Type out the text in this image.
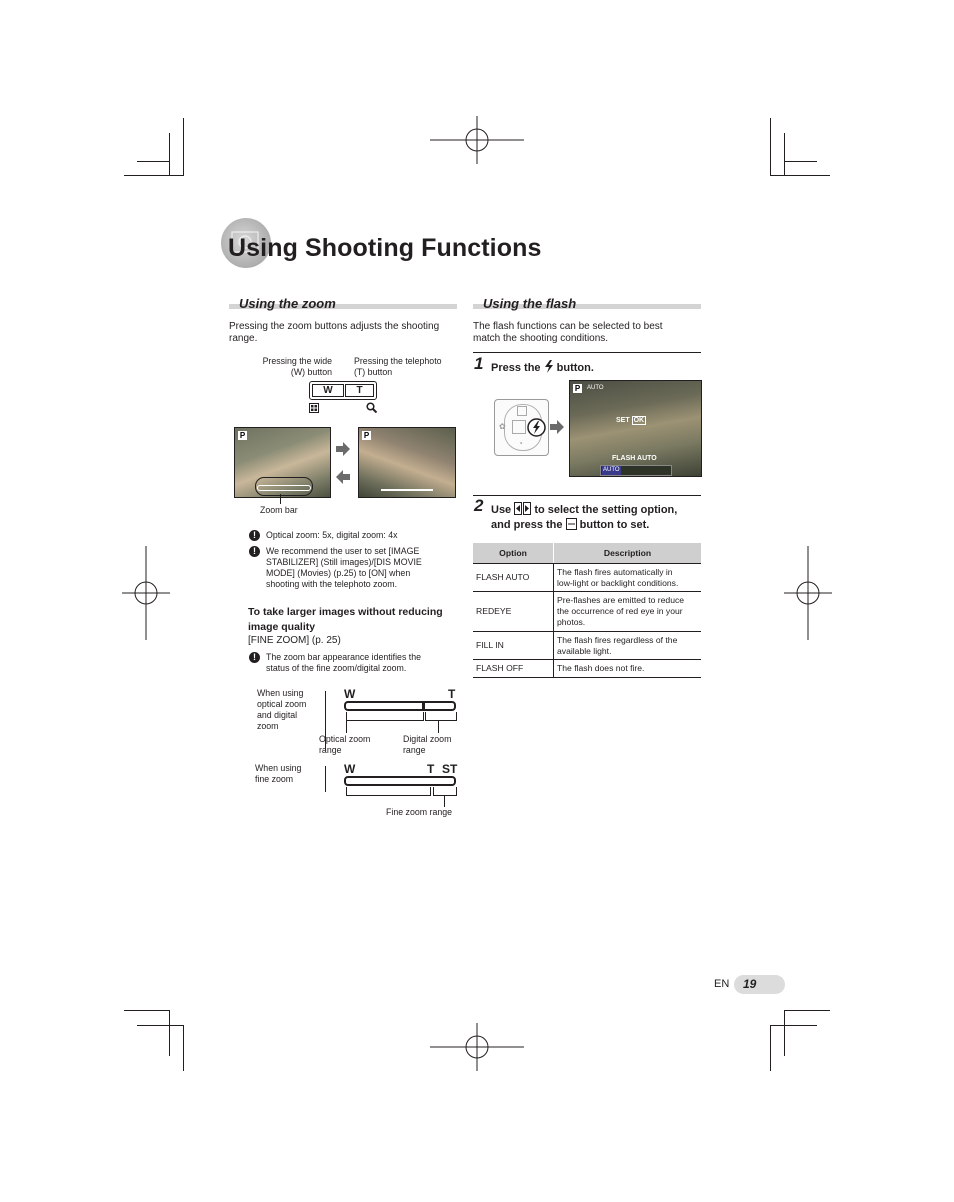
Using Shooting Functions
Using the zoom
Pressing the zoom buttons adjusts the shooting range.
Pressing the wide
(W) button
Pressing the telephoto
(T) button
W	T
P	P
Zoom bar
!	Optical zoom: 5x, digital zoom: 4x
!	We recommend the user to set [IMAGE
STABILIZER] (Still images)/[DIS MOVIE
MODE] (Movies) (p.25) to [ON] when
shooting with the telephoto zoom.
To take larger images without reducing
image quality
[FINE ZOOM] (p. 25)
!	The zoom bar appearance identifies the
status of the fine zoom/digital zoom.
When using
optical zoom
and digital
zoom
W	T
Optical zoom
range
Digital zoom
range
When using
fine zoom
W	T ST
Fine zoom range
Using the flash
The flash functions can be selected to best
match the shooting conditions.
1 Press the button.
✿
◔
P	AUTO
SET OK
FLASH AUTO
AUTO
2 Use to select the setting option,
and press the button to set.
Option	Description
FLASH AUTO	The flash fires automatically in
low-light or backlight conditions.

REDEYE	Pre-flashes are emitted to reduce
the occurrence of red eye in your
photos.

FILL IN	The flash fires regardless of the
available light.

FLASH OFF	The flash does not fire.
EN 19
